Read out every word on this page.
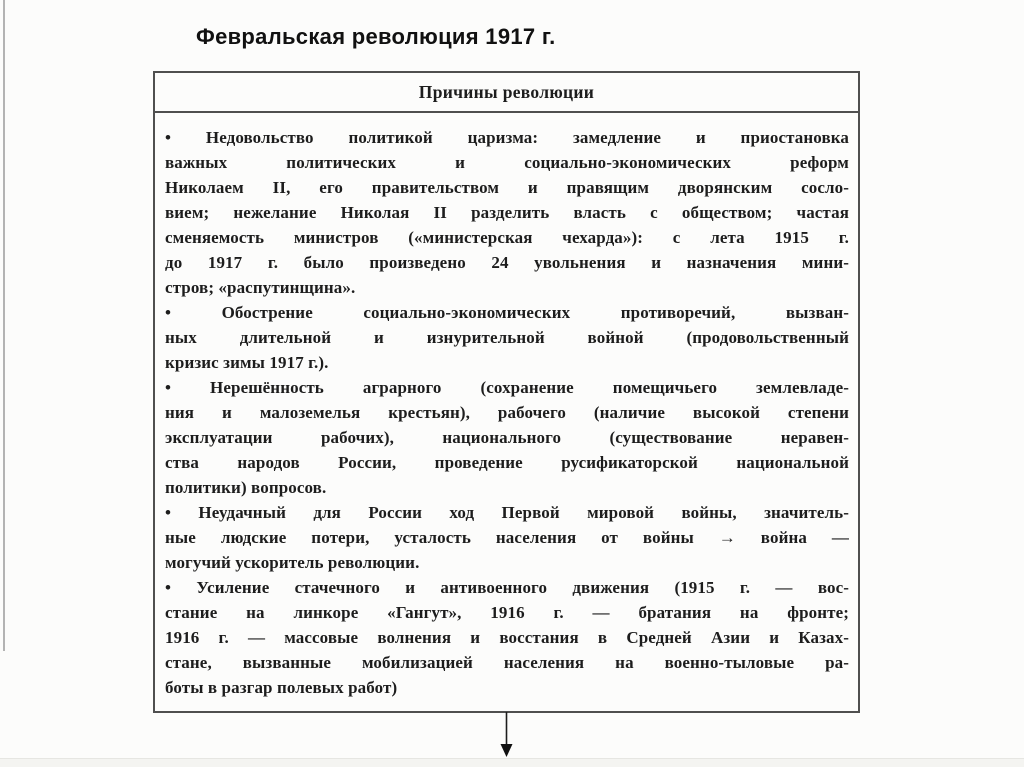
Февральская революция 1917 г.
Причины революции
• Недовольство политикой царизма: замедление и приостановка
важных политических и социально-экономических реформ
Николаем II, его правительством и правящим дворянским сосло-
вием; нежелание Николая II разделить власть с обществом; частая
сменяемость министров («министерская чехарда»): с лета 1915 г.
до 1917 г. было произведено 24 увольнения и назначения мини-
стров; «распутинщина».
• Обострение социально-экономических противоречий, вызван-
ных длительной и изнурительной войной (продовольственный
кризис зимы 1917 г.).
• Нерешённость аграрного (сохранение помещичьего землевладе-
ния и малоземелья крестьян), рабочего (наличие высокой степени
эксплуатации рабочих), национального (существование неравен-
ства народов России, проведение русификаторской национальной
политики) вопросов.
• Неудачный для России ход Первой мировой войны, значитель-
ные людские потери, усталость населения от войны → война —
могучий ускоритель революции.
• Усиление стачечного и антивоенного движения (1915 г. — вос-
стание на линкоре «Гангут», 1916 г. — братания на фронте;
1916 г. — массовые волнения и восстания в Средней Азии и Казах-
стане, вызванные мобилизацией населения на военно-тыловые ра-
боты в разгар полевых работ)
